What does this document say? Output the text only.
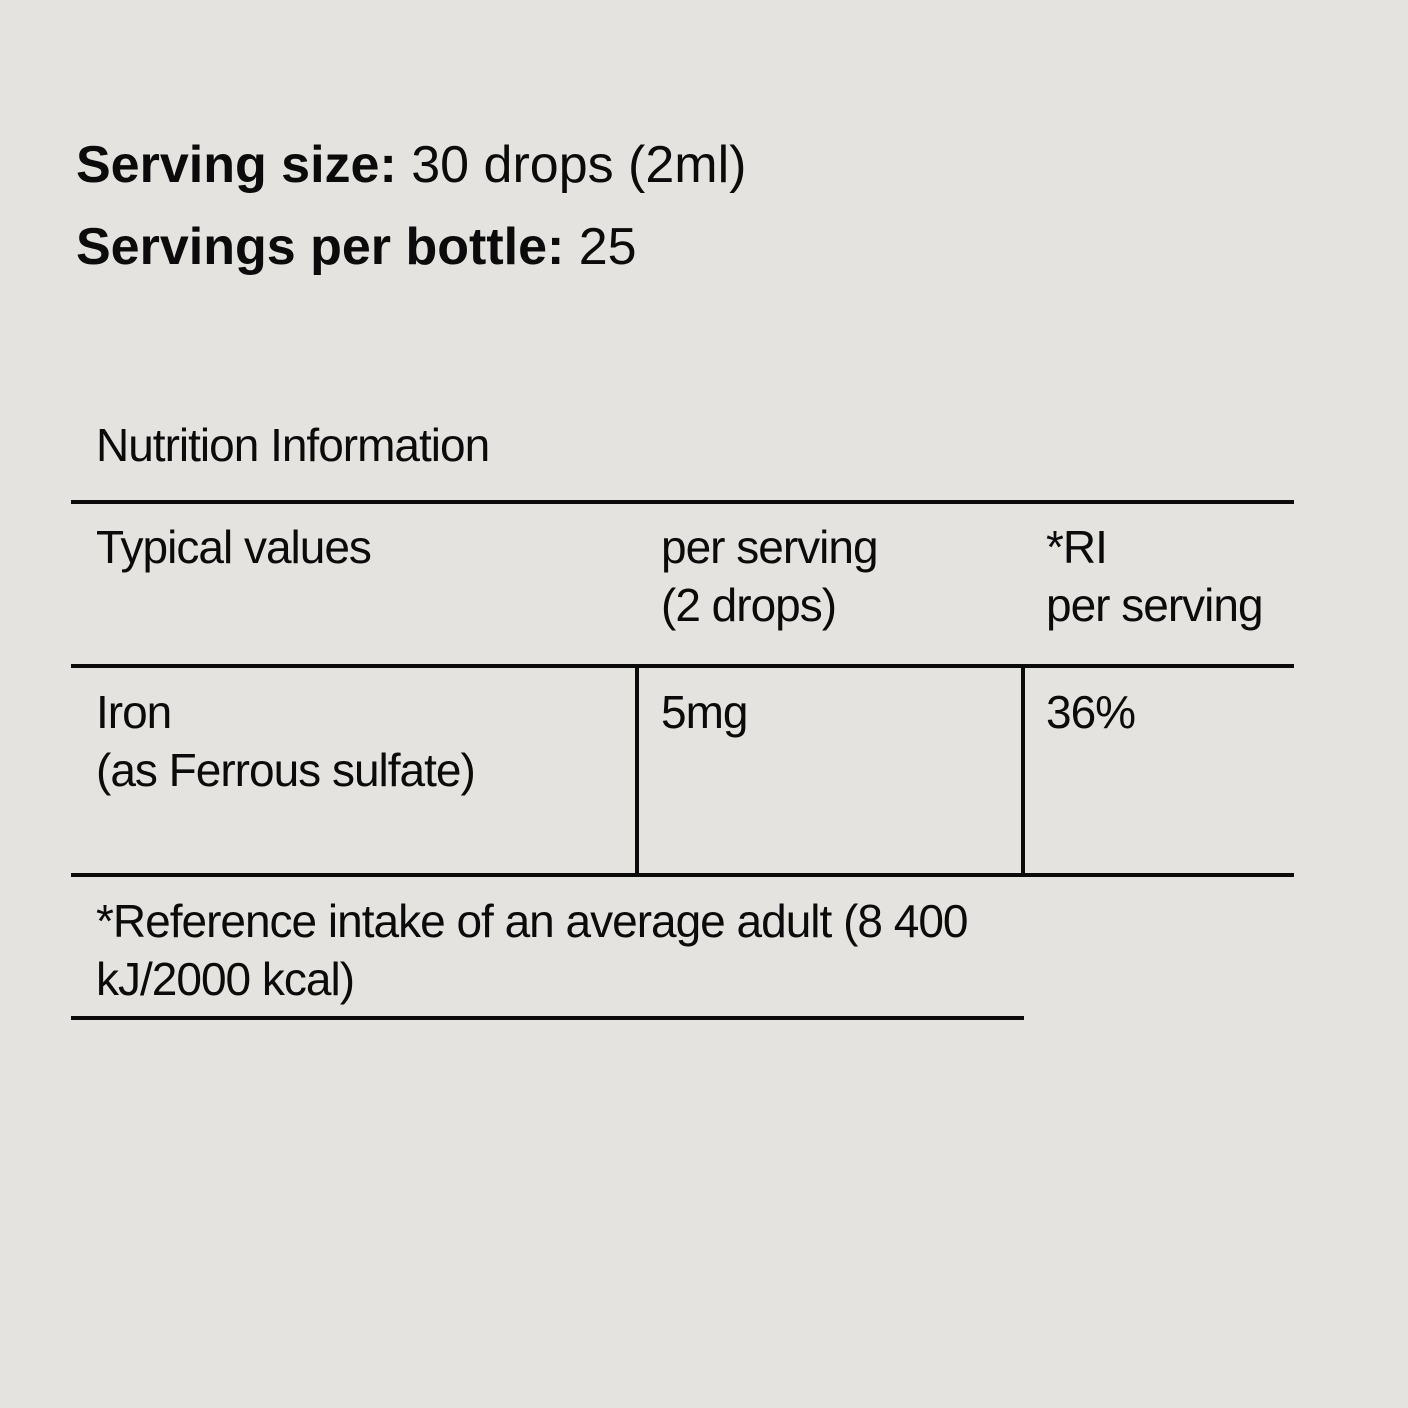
Serving size: 30 drops (2ml)
Servings per bottle: 25
Nutrition Information
Typical values	per serving
(2 drops)
*RI
per serving
Iron
(as Ferrous sulfate)
5mg	36%
*Reference intake of an average adult (8 400
kJ/2000 kcal)
